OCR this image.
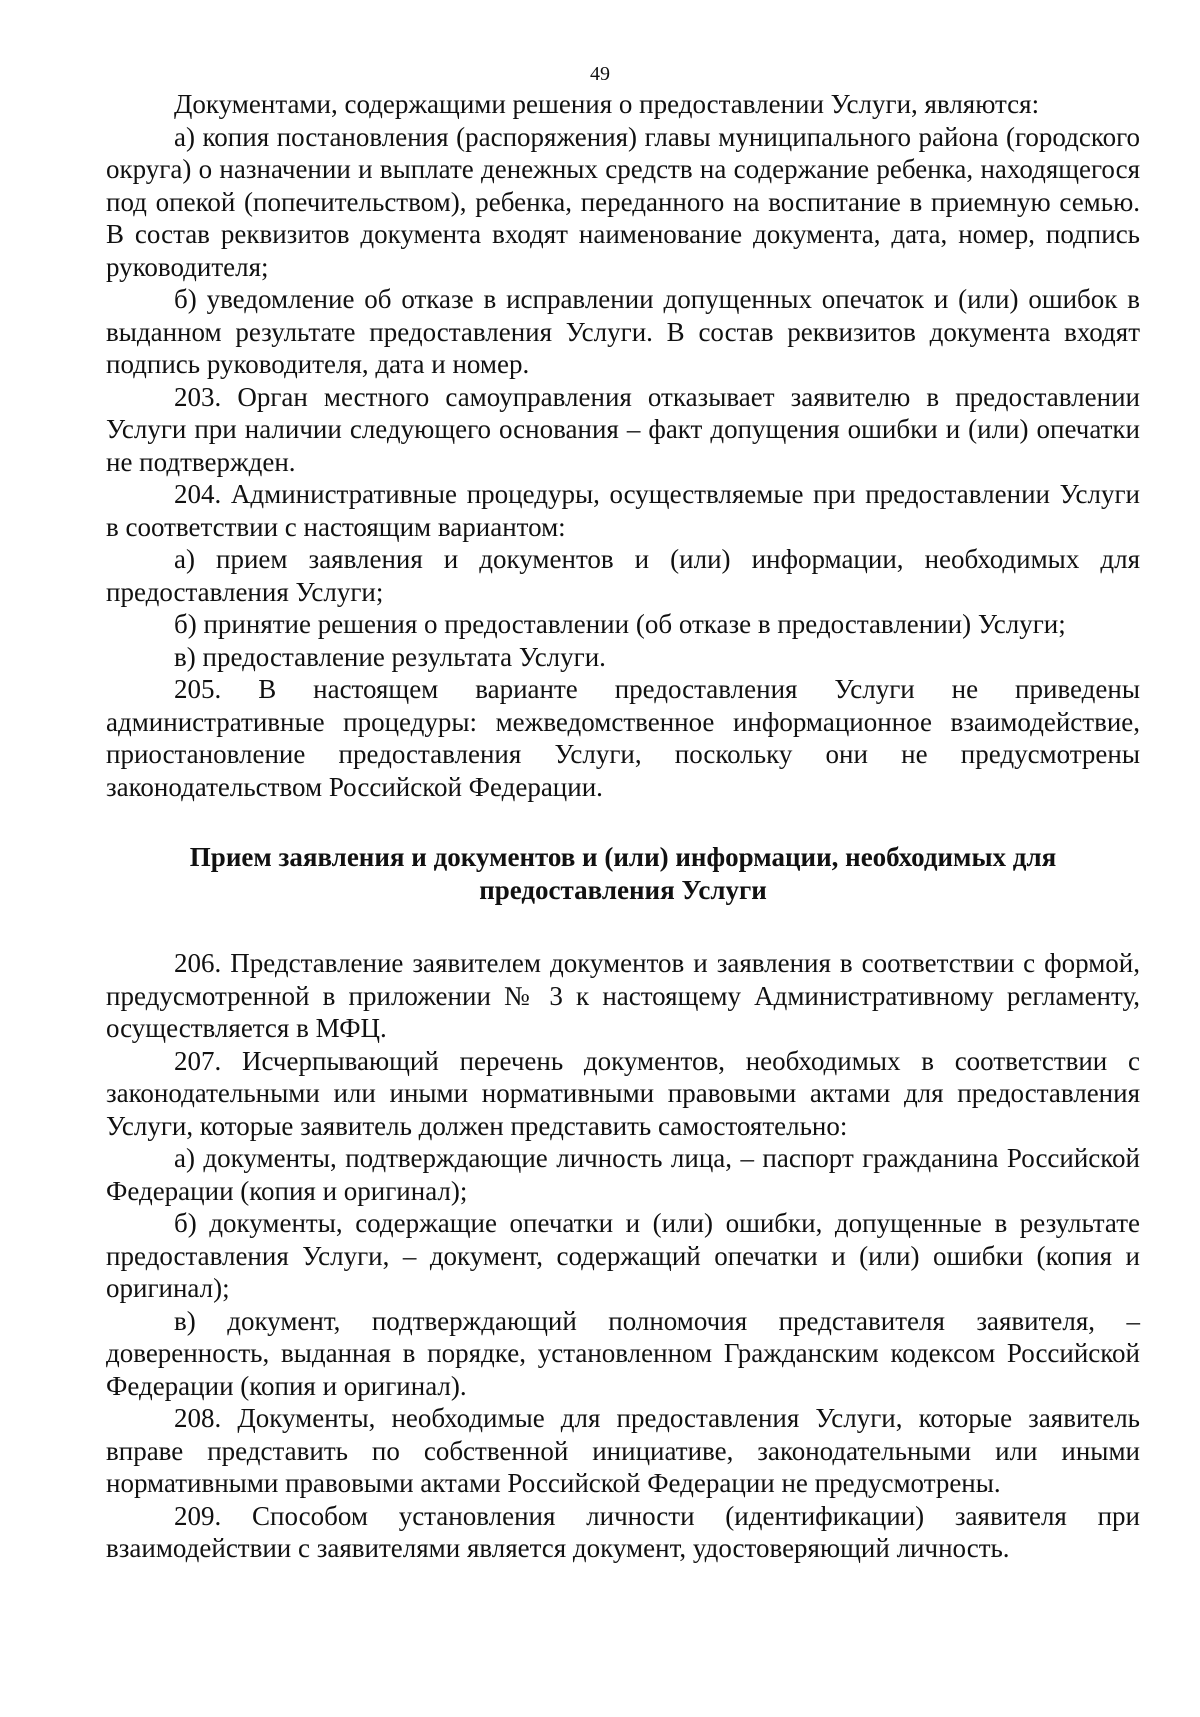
49

Документами, содержащими решения о предоставлении Услуги, являются:

а) копия постановления (распоряжения) главы муниципального района (городского округа) о назначении и выплате денежных средств на содержание ребенка, находящегося под опекой (попечительством), ребенка, переданного на воспитание в приемную семью. В состав реквизитов документа входят наименование документа, дата, номер, подпись руководителя;

б) уведомление об отказе в исправлении допущенных опечаток и (или) ошибок в выданном результате предоставления Услуги. В состав реквизитов документа входят подпись руководителя, дата и номер.

203. Орган местного самоуправления отказывает заявителю в предоставлении Услуги при наличии следующего основания – факт допущения ошибки и (или) опечатки не подтвержден.

204. Административные процедуры, осуществляемые при предоставлении Услуги в соответствии с настоящим вариантом:

а) прием заявления и документов и (или) информации, необходимых для предоставления Услуги;

б) принятие решения о предоставлении (об отказе в предоставлении) Услуги;

в) предоставление результата Услуги.

205. В настоящем варианте предоставления Услуги не приведены административные процедуры: межведомственное информационное взаимодействие, приостановление предоставления Услуги, поскольку они не предусмотрены законодательством Российской Федерации.

Прием заявления и документов и (или) информации, необходимых для
предоставления Услуги

206. Представление заявителем документов и заявления в соответствии с формой, предусмотренной в приложении № 3 к настоящему Административному регламенту, осуществляется в МФЦ.

207. Исчерпывающий перечень документов, необходимых в соответствии с законодательными или иными нормативными правовыми актами для предоставления Услуги, которые заявитель должен представить самостоятельно:

а) документы, подтверждающие личность лица, – паспорт гражданина Российской Федерации (копия и оригинал);

б) документы, содержащие опечатки и (или) ошибки, допущенные в результате предоставления Услуги, – документ, содержащий опечатки и (или) ошибки (копия и оригинал);

в) документ, подтверждающий полномочия представителя заявителя, – доверенность, выданная в порядке, установленном Гражданским кодексом Российской Федерации (копия и оригинал).

208. Документы, необходимые для предоставления Услуги, которые заявитель вправе представить по собственной инициативе, законодательными или иными нормативными правовыми актами Российской Федерации не предусмотрены.

209. Способом установления личности (идентификации) заявителя при взаимодействии с заявителями является документ, удостоверяющий личность.
